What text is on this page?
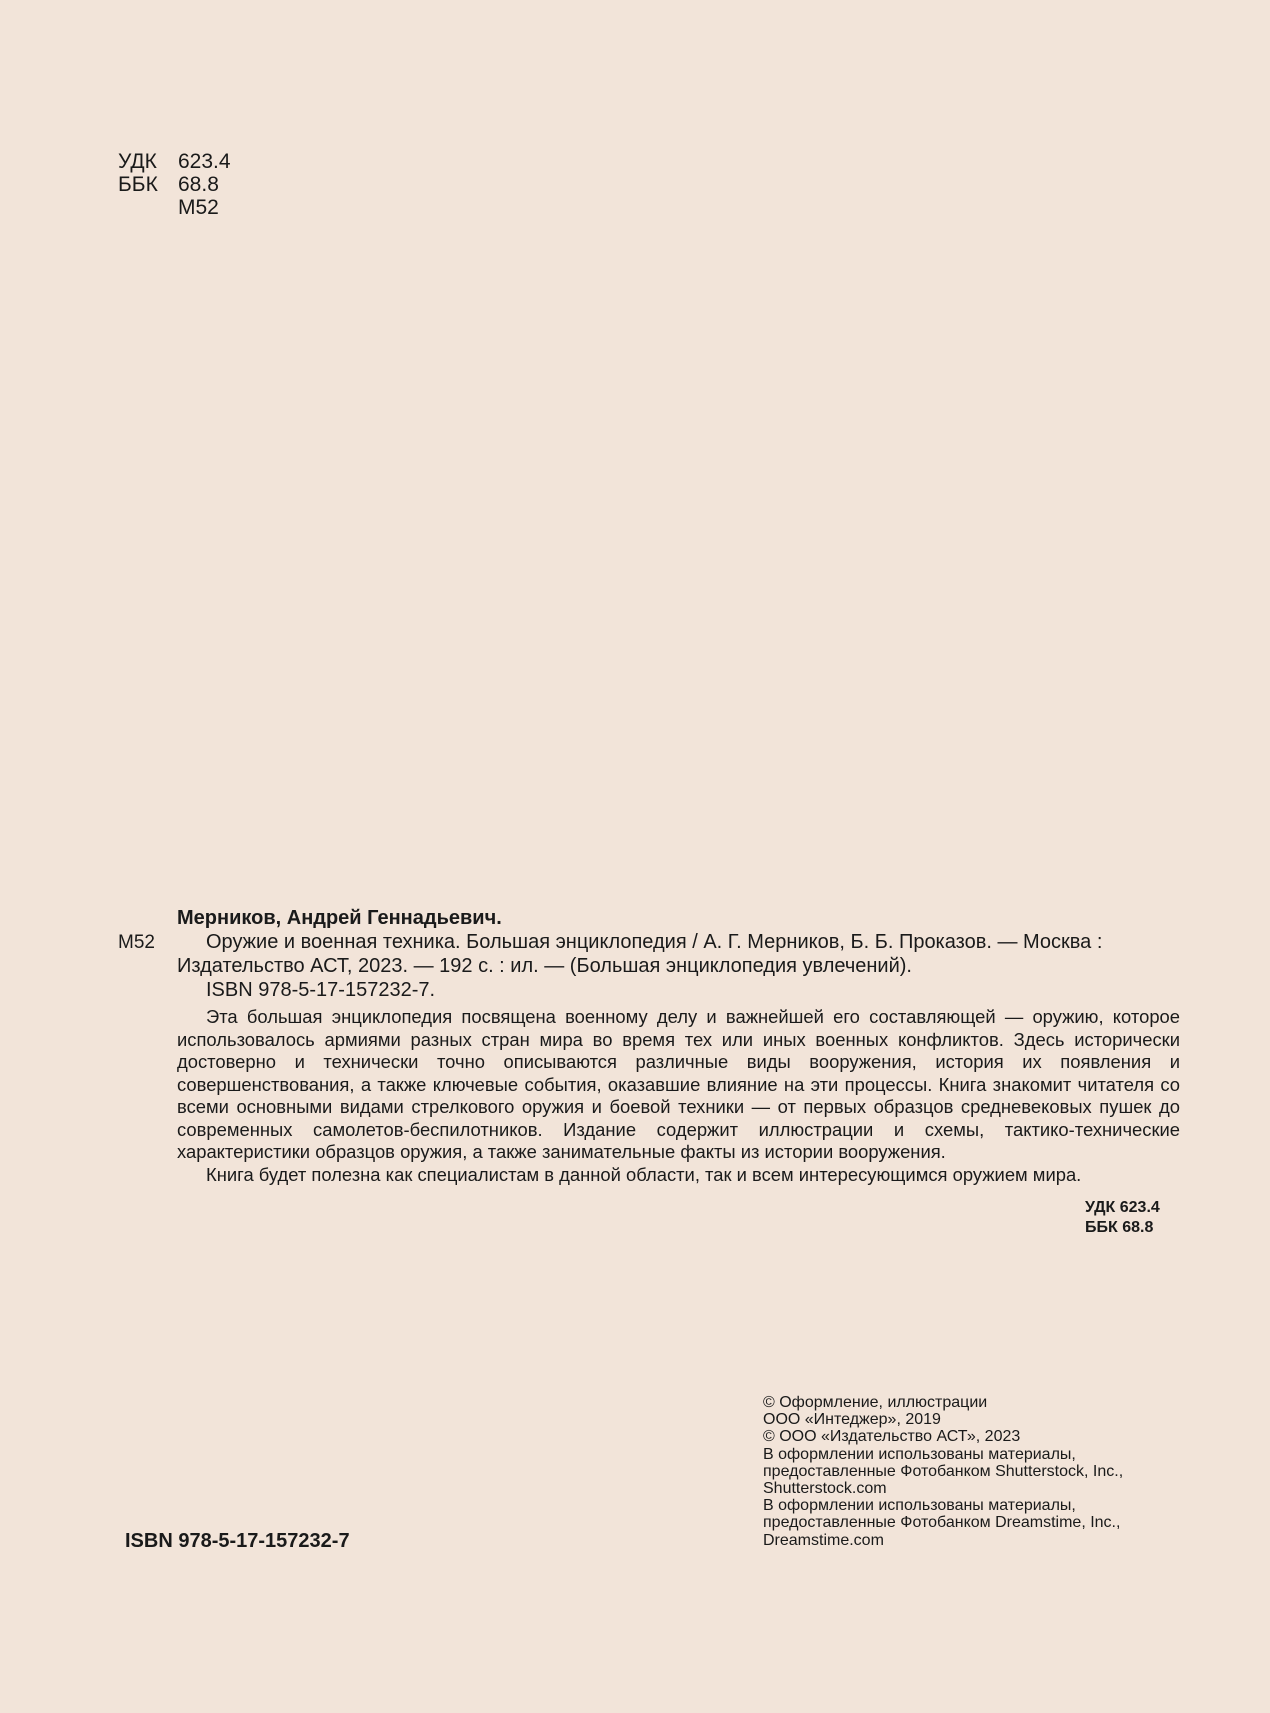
УДК	623.4
ББК 68.8
М52
М52
Мерников, Андрей Геннадьевич.

Оружие и военная техника. Большая энциклопедия / А. Г. Мерников, Б. Б. Проказов. — Москва :

Издательство АСТ, 2023. — 192 с. : ил. — (Большая энциклопедия увлечений).

ISBN 978-5-17-157232-7.

Эта большая энциклопедия посвящена военному делу и важнейшей его составляющей — оружию, которое использовалось армиями разных стран мира во время тех или иных военных конфликтов. Здесь исторически достоверно и технически точно описываются различные виды вооружения, история их появления и совершенствования, а также ключевые события, оказавшие влияние на эти процессы. Книга знакомит читателя со всеми основными видами стрелкового оружия и боевой техники — от первых образцов средневековых пушек до современных самолетов-беспилотников. Издание содержит иллюстрации и схемы, тактико-технические характеристики образцов оружия, а также занимательные факты из истории вооружения.

Книга будет полезна как специалистам в данной области, так и всем интересующимся оружием мира.

УДК 623.4
ББК 68.8
© Оформление, иллюстрации
ООО «Интеджер», 2019
© ООО «Издательство АСТ», 2023
В оформлении использованы материалы,
предоставленные Фотобанком Shutterstock, Inc.,
Shutterstock.com
В оформлении использованы материалы,
предоставленные Фотобанком Dreamstime, Inc.,
Dreamstime.com
ISBN 978-5-17-157232-7
